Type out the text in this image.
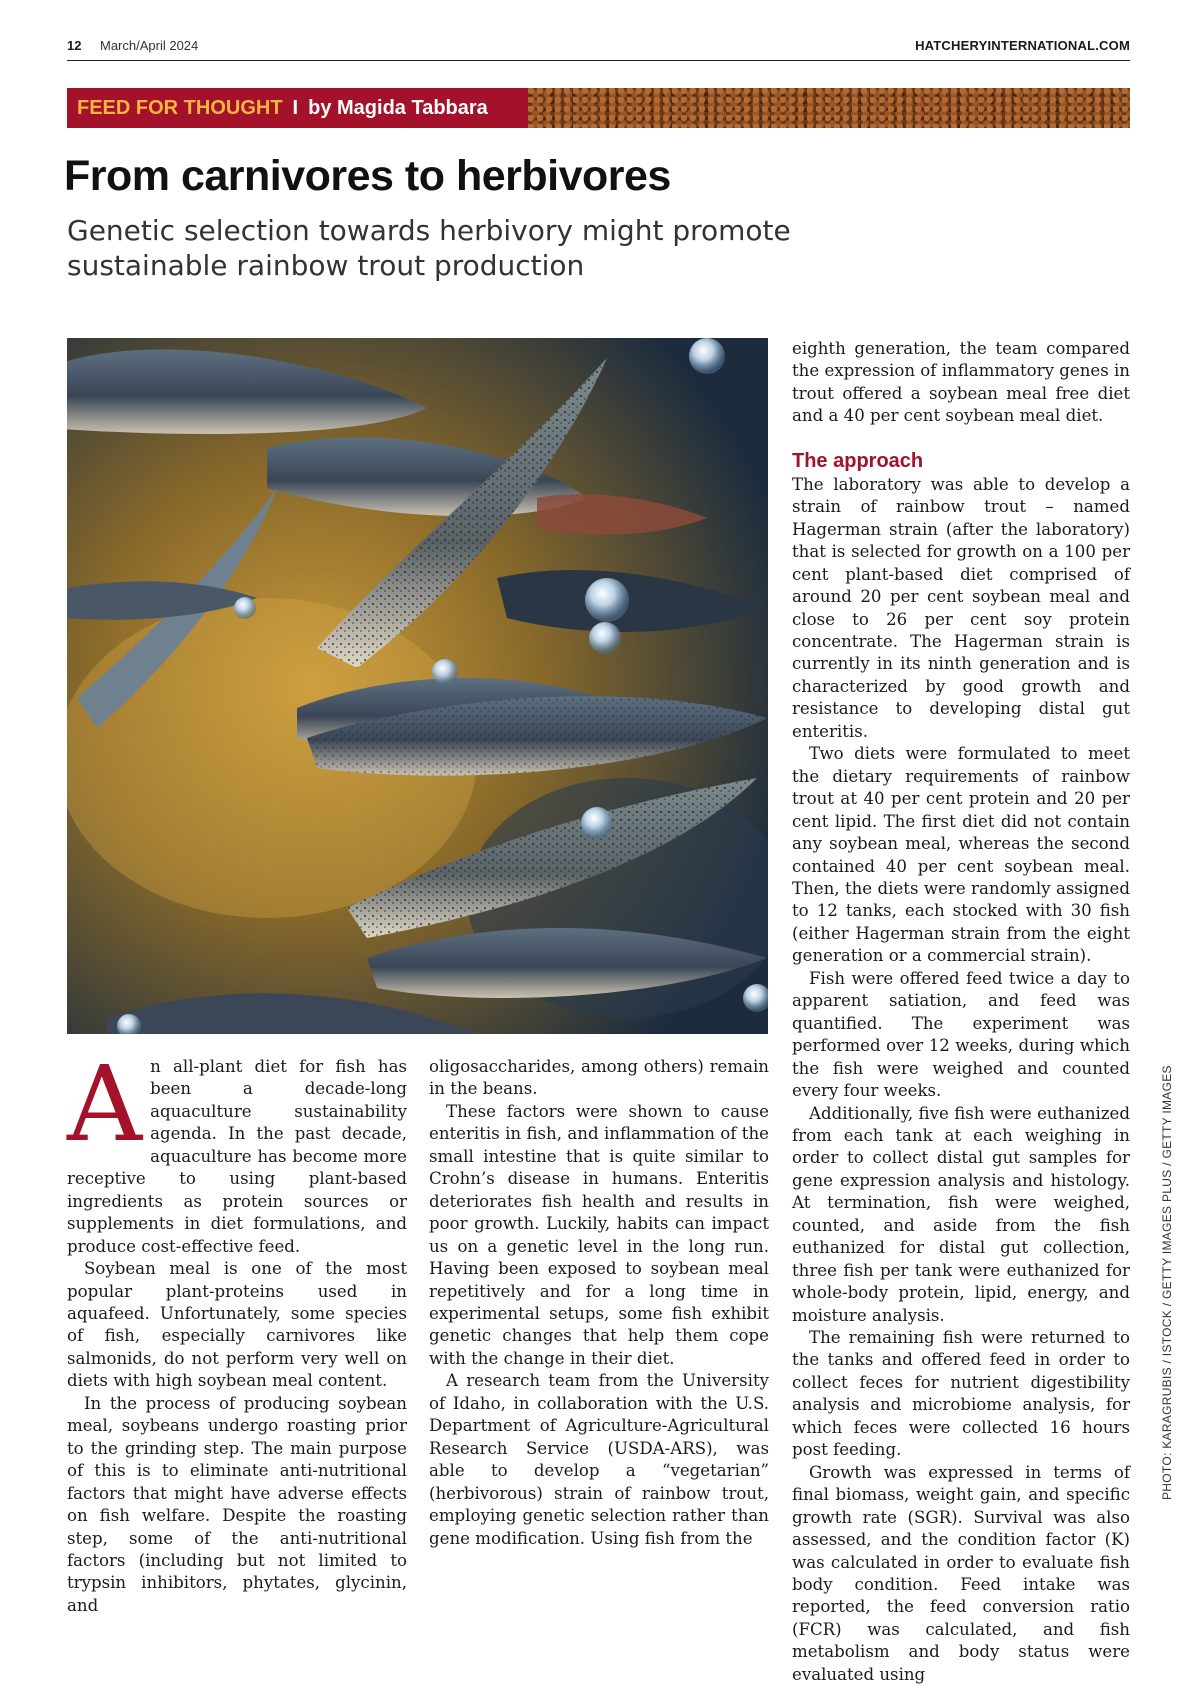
12 March/April 2024	HATCHERYINTERNATIONAL.COM
FEED FOR THOUGHT I by Magida Tabbara
From carnivores to herbivores
Genetic selection towards herbivory might promote sustainable rainbow trout production

An all-plant diet for fish has been a decade-long aquaculture sustainability agenda. In the past decade, aquaculture has become more receptive to using plant-based ingredients as protein sources or supplements in diet formulations, and produce cost-effective feed.

Soybean meal is one of the most popular plant-proteins used in aquafeed. Unfortunately, some species of fish, especially carnivores like salmonids, do not perform very well on diets with high soybean meal content.

In the process of producing soybean meal, soybeans undergo roasting prior to the grinding step. The main purpose of this is to eliminate anti-nutritional factors that might have adverse effects on fish welfare. Despite the roasting step, some of the anti-nutritional factors (including but not limited to trypsin inhibitors, phytates, glycinin, and

oligosaccharides, among others) remain in the beans.

These factors were shown to cause enteritis in fish, and inflammation of the small intestine that is quite similar to Crohn’s disease in humans. Enteritis deteriorates fish health and results in poor growth. Luckily, habits can impact us on a genetic level in the long run. Having been exposed to soybean meal repetitively and for a long time in experimental setups, some fish exhibit genetic changes that help them cope with the change in their diet.

A research team from the University of Idaho, in collaboration with the U.S. Department of Agriculture-Agricultural Research Service (USDA-ARS), was able to develop a “vegetarian” (herbivorous) strain of rainbow trout, employing genetic selection rather than gene modification. Using fish from the

eighth generation, the team compared the expression of inflammatory genes in trout offered a soybean meal free diet and a 40 per cent soybean meal diet.

The approach

The laboratory was able to develop a strain of rainbow trout – named Hagerman strain (after the laboratory) that is selected for growth on a 100 per cent plant-based diet comprised of around 20 per cent soybean meal and close to 26 per cent soy protein concentrate. The Hagerman strain is currently in its ninth generation and is characterized by good growth and resistance to developing distal gut enteritis.

Two diets were formulated to meet the dietary requirements of rainbow trout at 40 per cent protein and 20 per cent lipid. The first diet did not contain any soybean meal, whereas the second contained 40 per cent soybean meal. Then, the diets were randomly assigned to 12 tanks, each stocked with 30 fish (either Hagerman strain from the eight generation or a commercial strain).

Fish were offered feed twice a day to apparent satiation, and feed was quantified. The experiment was performed over 12 weeks, during which the fish were weighed and counted every four weeks.

Additionally, five fish were euthanized from each tank at each weighing in order to collect distal gut samples for gene expression analysis and histology. At termination, fish were weighed, counted, and aside from the fish euthanized for distal gut collection, three fish per tank were euthanized for whole-body protein, lipid, energy, and moisture analysis.

The remaining fish were returned to the tanks and offered feed in order to collect feces for nutrient digestibility analysis and microbiome analysis, for which feces were collected 16 hours post feeding.

Growth was expressed in terms of final biomass, weight gain, and specific growth rate (SGR). Survival was also assessed, and the condition factor (K) was calculated in order to evaluate fish body condition. Feed intake was reported, the feed conversion ratio (FCR) was calculated, and fish metabolism and body status were evaluated using

PHOTO: KARAGRUBIS / ISTOCK / GETTY IMAGES PLUS / GETTY IMAGES
